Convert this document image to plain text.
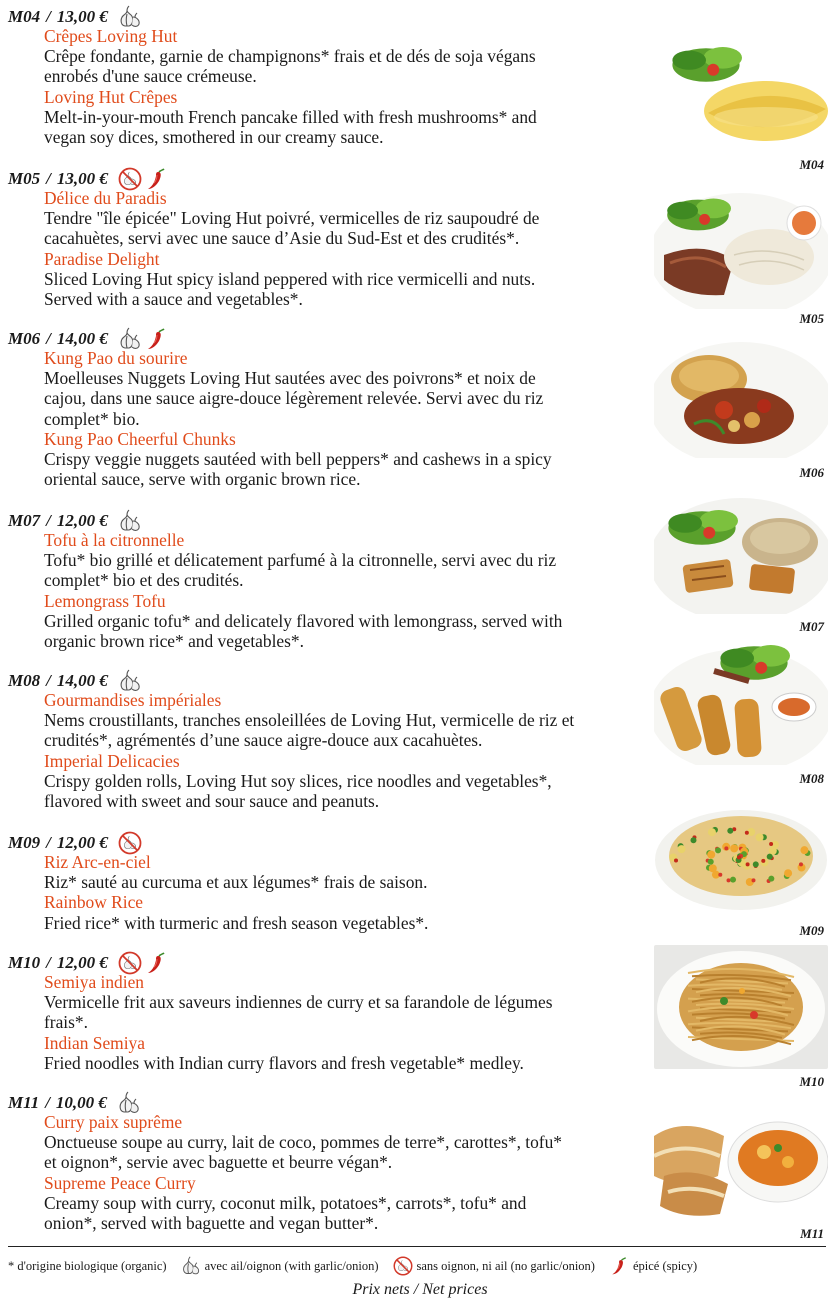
M04 / 13,00 €
Crêpes Loving Hut
Crêpe fondante, garnie de champignons* frais et de dés de soja végans
enrobés d'une sauce crémeuse.
Loving Hut Crêpes
Melt-in-your-mouth French pancake filled with fresh mushrooms* and
vegan soy dices, smothered in our creamy sauce.
M04
M05 / 13,00 €
Délice du Paradis
Tendre "île épicée" Loving Hut poivré, vermicelles de riz saupoudré de
cacahuètes, servi avec une sauce d’Asie du Sud-Est et des crudités*.
Paradise Delight
Sliced Loving Hut spicy island peppered with rice vermicelli and nuts.
Served with a sauce and vegetables*.
M05
M06 / 14,00 €
Kung Pao du sourire
Moelleuses Nuggets Loving Hut sautées avec des poivrons* et noix de
cajou, dans une sauce aigre-douce légèrement relevée. Servi avec du riz
complet* bio.
Kung Pao Cheerful Chunks
Crispy veggie nuggets sautéed with bell peppers* and cashews in a spicy
oriental sauce, serve with organic brown rice.	M06
M07 / 12,00 €
Tofu à la citronnelle
Tofu* bio grillé et délicatement parfumé à la citronnelle, servi avec du riz
complet* bio et des crudités.
Lemongrass Tofu
Grilled organic tofu* and delicately flavored with lemongrass, served with
organic brown rice* and vegetables*.
M07
M08 / 14,00 €
Gourmandises impériales
Nems croustillants, tranches ensoleillées de Loving Hut, vermicelle de riz et
crudités*, agrémentés d’une sauce aigre-douce aux cacahuètes.
Imperial Delicacies
Crispy golden rolls, Loving Hut soy slices, rice noodles and vegetables*,
flavored with sweet and sour sauce and peanuts.
M08
M09 / 12,00 €
Riz Arc-en-ciel
Riz* sauté au curcuma et aux légumes* frais de saison.
Rainbow Rice
Fried rice* with turmeric and fresh season vegetables*.	M09
M10 / 12,00 €
Semiya indien
Vermicelle frit aux saveurs indiennes de curry et sa farandole de légumes
frais*.
Indian Semiya
Fried noodles with Indian curry flavors and fresh vegetable* medley.
M10
M11 / 10,00 €
Curry paix suprême
Onctueuse soupe au curry, lait de coco, pommes de terre*, carottes*, tofu*
et oignon*, servie avec baguette et beurre végan*.
Supreme Peace Curry
Creamy soup with curry, coconut milk, potatoes*, carrots*, tofu* and
onion*, served with baguette and vegan butter*.
M11
* d'origine biologique (organic)	avec ail/oignon (with garlic/onion)	sans oignon, ni ail (no garlic/onion)	épicé (spicy)
Prix nets / Net prices
